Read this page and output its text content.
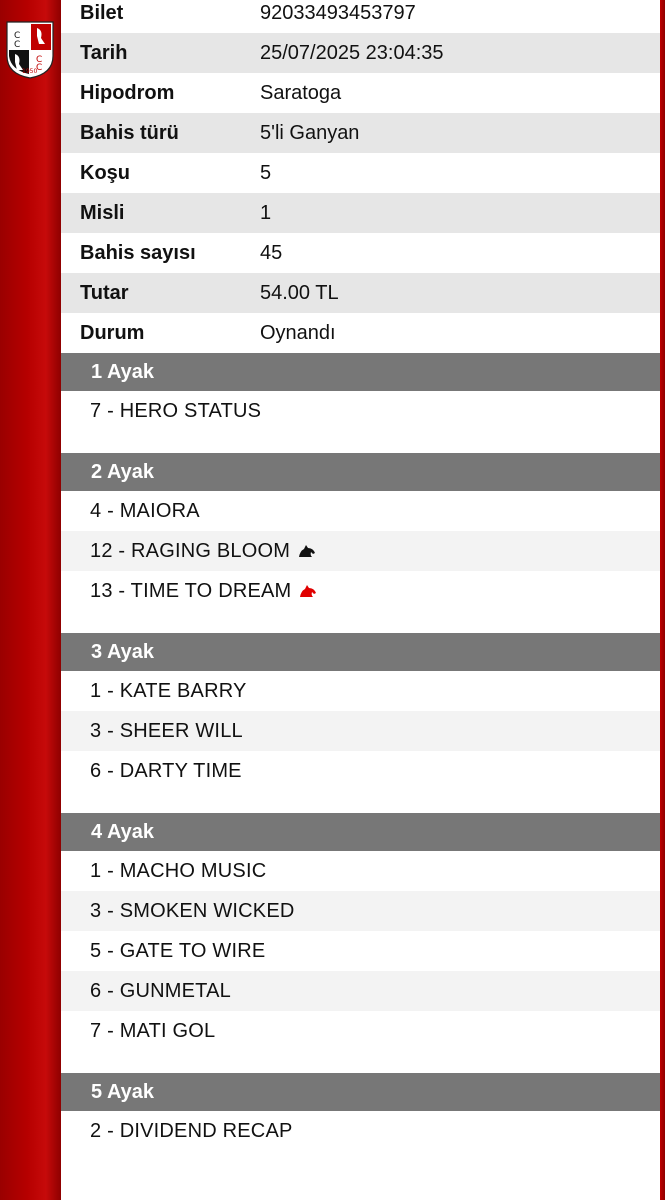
C
C
C
C
1950
Bilet	92033493453797
Tarih	25/07/2025 23:04:35
Hipodrom	Saratoga
Bahis türü	5'li Ganyan
Koşu	5
Misli	1
Bahis sayısı	45
Tutar	54.00 TL
Durum	Oynandı
1 Ayak
7 - HERO STATUS
2 Ayak
4 - MAIORA
12 - RAGING BLOOM
13 - TIME TO DREAM
3 Ayak
1 - KATE BARRY
3 - SHEER WILL
6 - DARTY TIME
4 Ayak
1 - MACHO MUSIC
3 - SMOKEN WICKED
5 - GATE TO WIRE
6 - GUNMETAL
7 - MATI GOL
5 Ayak
2 - DIVIDEND RECAP
